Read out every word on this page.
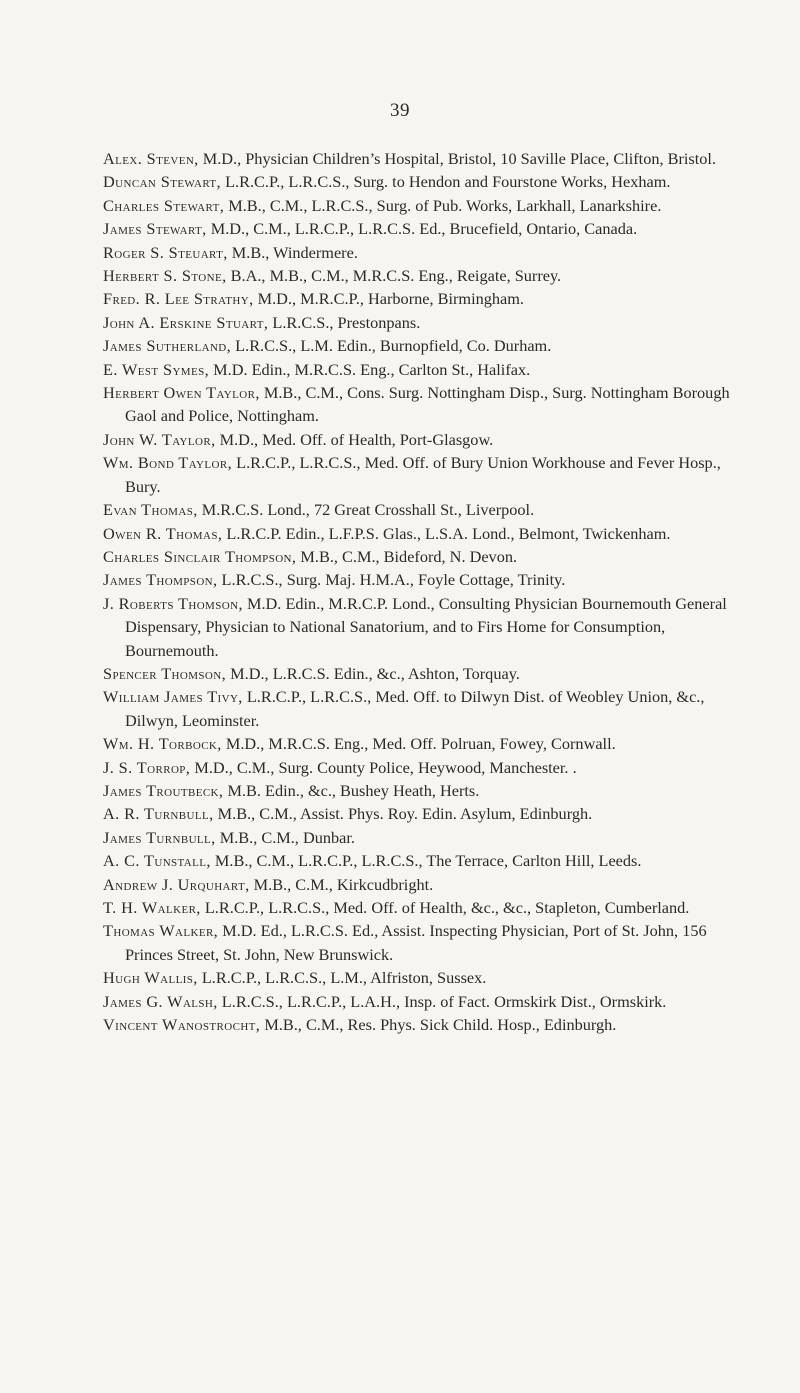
39

Alex. Steven, M.D., Physician Children’s Hospital, Bristol, 10 Saville Place, Clifton, Bristol.

Duncan Stewart, L.R.C.P., L.R.C.S., Surg. to Hendon and Fourstone Works, Hexham.

Charles Stewart, M.B., C.M., L.R.C.S., Surg. of Pub. Works, Larkhall, Lanarkshire.

James Stewart, M.D., C.M., L.R.C.P., L.R.C.S. Ed., Brucefield, Ontario, Canada.

Roger S. Steuart, M.B., Windermere.

Herbert S. Stone, B.A., M.B., C.M., M.R.C.S. Eng., Reigate, Surrey.

Fred. R. Lee Strathy, M.D., M.R.C.P., Harborne, Birmingham.

John A. Erskine Stuart, L.R.C.S., Prestonpans.

James Sutherland, L.R.C.S., L.M. Edin., Burnopfield, Co. Durham.

E. West Symes, M.D. Edin., M.R.C.S. Eng., Carlton St., Halifax.

Herbert Owen Taylor, M.B., C.M., Cons. Surg. Nottingham Disp., Surg. Nottingham Borough Gaol and Police, Nottingham.

John W. Taylor, M.D., Med. Off. of Health, Port-Glasgow.

Wm. Bond Taylor, L.R.C.P., L.R.C.S., Med. Off. of Bury Union Workhouse and Fever Hosp., Bury.

Evan Thomas, M.R.C.S. Lond., 72 Great Crosshall St., Liverpool.

Owen R. Thomas, L.R.C.P. Edin., L.F.P.S. Glas., L.S.A. Lond., Belmont, Twickenham.

Charles Sinclair Thompson, M.B., C.M., Bideford, N. Devon.

James Thompson, L.R.C.S., Surg. Maj. H.M.A., Foyle Cottage, Trinity.

J. Roberts Thomson, M.D. Edin., M.R.C.P. Lond., Consulting Physician Bournemouth General Dispensary, Physician to National Sanatorium, and to Firs Home for Consumption, Bournemouth.

Spencer Thomson, M.D., L.R.C.S. Edin., &c., Ashton, Torquay.

William James Tivy, L.R.C.P., L.R.C.S., Med. Off. to Dilwyn Dist. of Weobley Union, &c., Dilwyn, Leominster.

Wm. H. Torbock, M.D., M.R.C.S. Eng., Med. Off. Polruan, Fowey, Cornwall.

J. S. Torrop, M.D., C.M., Surg. County Police, Heywood, Manchester. .

James Troutbeck, M.B. Edin., &c., Bushey Heath, Herts.

A. R. Turnbull, M.B., C.M., Assist. Phys. Roy. Edin. Asylum, Edinburgh.

James Turnbull, M.B., C.M., Dunbar.

A. C. Tunstall, M.B., C.M., L.R.C.P., L.R.C.S., The Terrace, Carlton Hill, Leeds.

Andrew J. Urquhart, M.B., C.M., Kirkcudbright.

T. H. Walker, L.R.C.P., L.R.C.S., Med. Off. of Health, &c., &c., Stapleton, Cumberland.

Thomas Walker, M.D. Ed., L.R.C.S. Ed., Assist. Inspecting Physician, Port of St. John, 156 Princes Street, St. John, New Brunswick.

Hugh Wallis, L.R.C.P., L.R.C.S., L.M., Alfriston, Sussex.

James G. Walsh, L.R.C.S., L.R.C.P., L.A.H., Insp. of Fact. Ormskirk Dist., Ormskirk.

Vincent Wanostrocht, M.B., C.M., Res. Phys. Sick Child. Hosp., Edinburgh.
